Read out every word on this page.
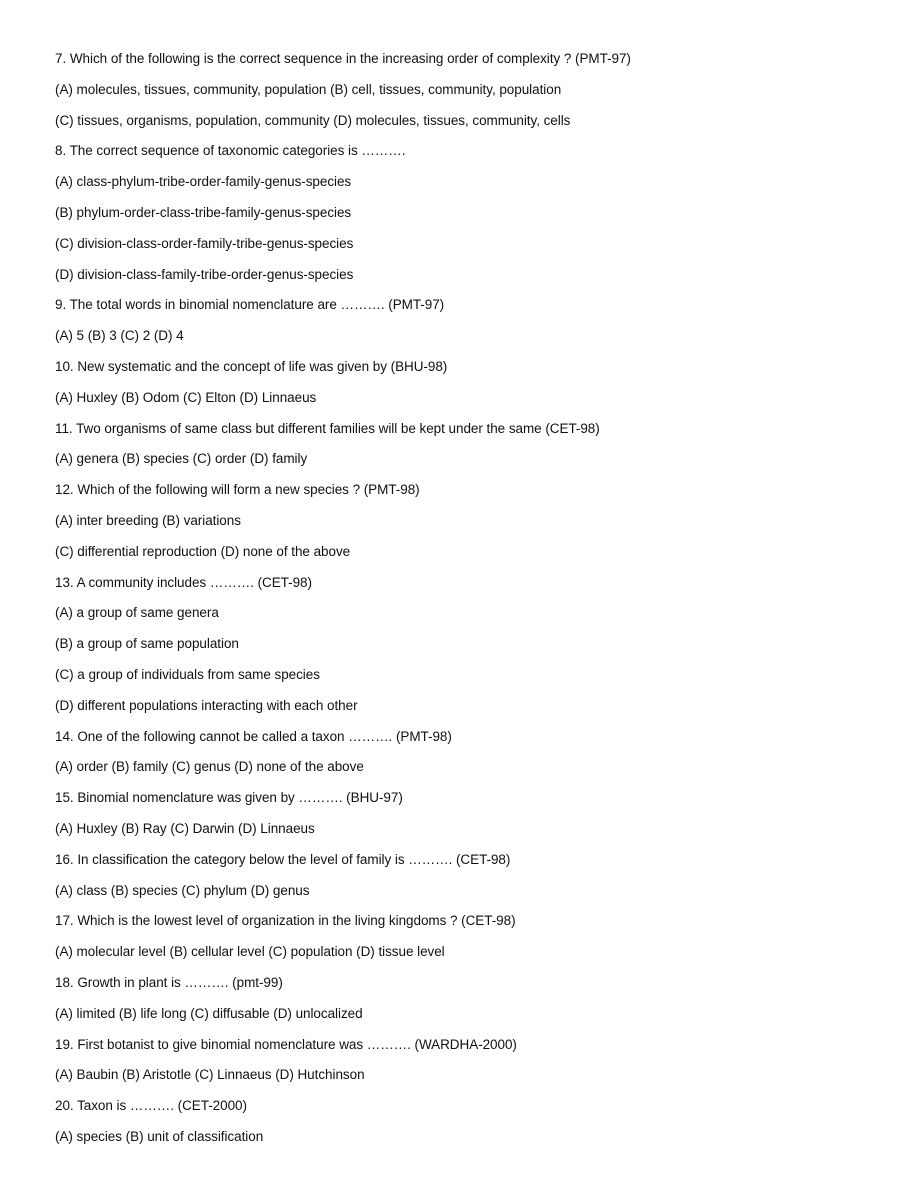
7. Which of the following is the correct sequence in the increasing order of complexity ? (PMT-97)
(A) molecules, tissues, community, population (B) cell, tissues, community, population
(C) tissues, organisms, population, community (D) molecules, tissues, community, cells
8. The correct sequence of taxonomic categories is ……….
(A) class-phylum-tribe-order-family-genus-species
(B) phylum-order-class-tribe-family-genus-species
(C) division-class-order-family-tribe-genus-species
(D) division-class-family-tribe-order-genus-species
9. The total words in binomial nomenclature are ………. (PMT-97)
(A) 5 (B) 3 (C) 2 (D) 4
10. New systematic and the concept of life was given by (BHU-98)
(A) Huxley (B) Odom (C) Elton (D) Linnaeus
11. Two organisms of same class but different families will be kept under the same (CET-98)
(A) genera (B) species (C) order (D) family
12. Which of the following will form a new species ? (PMT-98)
(A) inter breeding (B) variations
(C) differential reproduction (D) none of the above
13. A community includes ………. (CET-98)
(A) a group of same genera
(B) a group of same population
(C) a group of individuals from same species
(D) different populations interacting with each other
14. One of the following cannot be called a taxon ………. (PMT-98)
(A) order (B) family (C) genus (D) none of the above
15. Binomial nomenclature was given by ………. (BHU-97)
(A) Huxley (B) Ray (C) Darwin (D) Linnaeus
16. In classification the category below the level of family is ………. (CET-98)
(A) class (B) species (C) phylum (D) genus
17. Which is the lowest level of organization in the living kingdoms ? (CET-98)
(A) molecular level (B) cellular level (C) population (D) tissue level
18. Growth in plant is ………. (pmt-99)
(A) limited (B) life long (C) diffusable (D) unlocalized
19. First botanist to give binomial nomenclature was ………. (WARDHA-2000)
(A) Baubin (B) Aristotle (C) Linnaeus (D) Hutchinson
20. Taxon is ………. (CET-2000)
(A) species (B) unit of classification
